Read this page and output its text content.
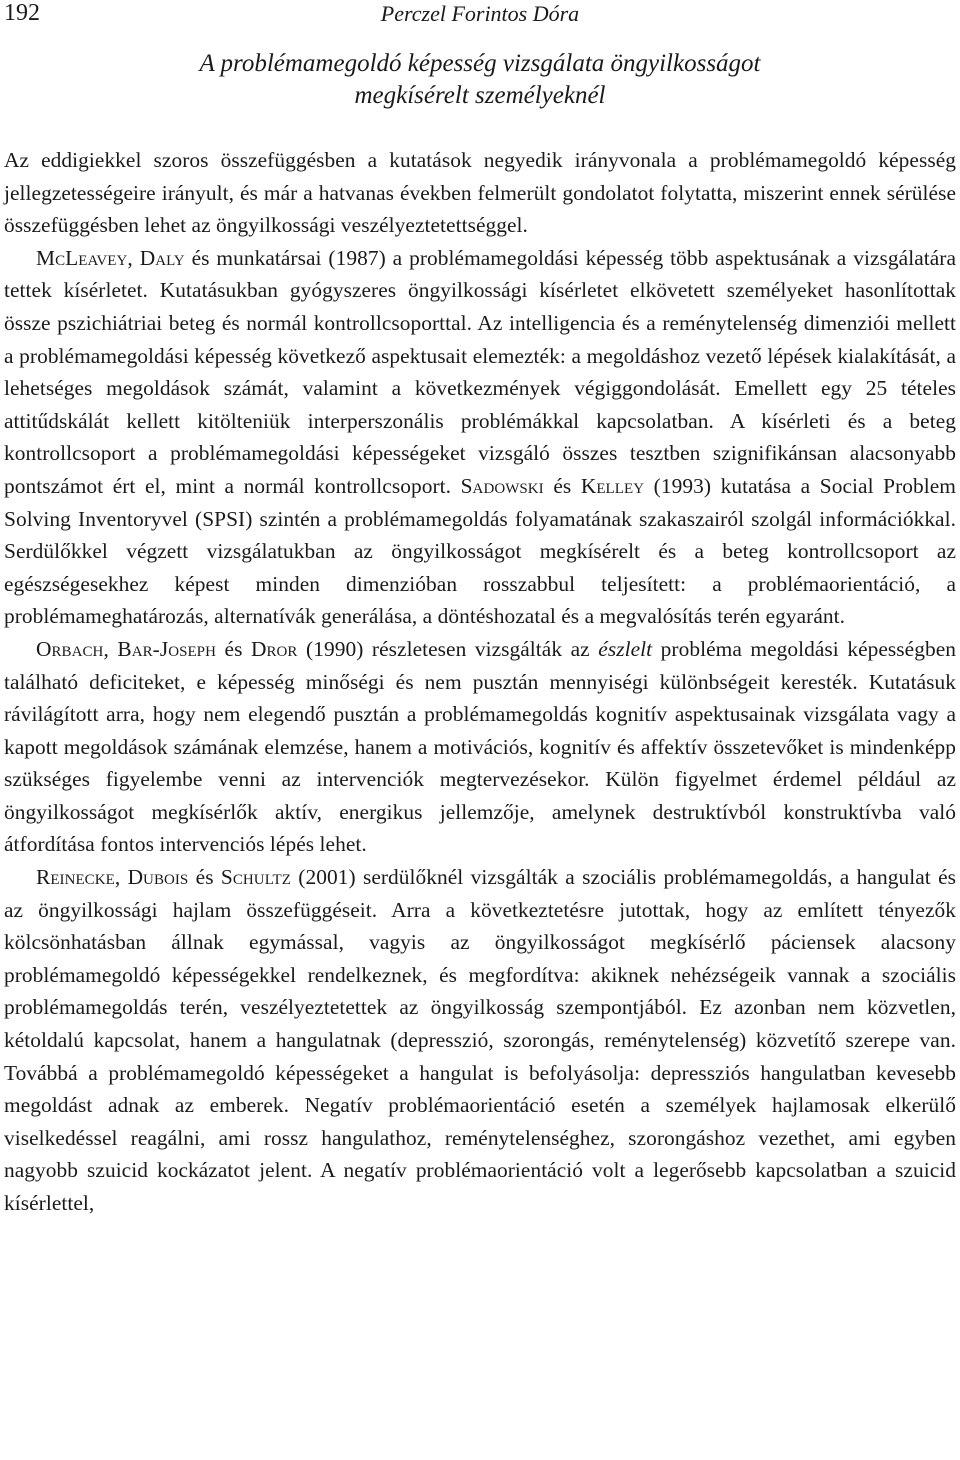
192	Perczel Forintos Dóra
A problémamegoldó képesség vizsgálata öngyilkosságot
megkísérelt személyeknél

Az eddigiekkel szoros összefüggésben a kutatások negyedik irányvonala a problémamegoldó képesség jellegzetességeire irányult, és már a hatvanas években felmerült gondolatot folytatta, miszerint ennek sérülése összefüggésben lehet az öngyilkossági veszélyeztetettséggel.

McLeavey, Daly és munkatársai (1987) a problémamegoldási képesség több aspektusának a vizsgálatára tettek kísérletet. Kutatásukban gyógyszeres öngyilkossági kísérletet elkövetett személyeket hasonlítottak össze pszichiátriai beteg és normál kontrollcsoporttal. Az intelligencia és a reménytelenség dimenziói mellett a problémamegoldási képesség következő aspektusait elemezték: a megoldáshoz vezető lépések kialakítását, a lehetséges megoldások számát, valamint a következmények végiggondolását. Emellett egy 25 tételes attitűdskálát kellett kitölteniük interperszonális problémákkal kapcsolatban. A kísérleti és a beteg kontrollcsoport a problémamegoldási képességeket vizsgáló összes tesztben szignifikánsan alacsonyabb pontszámot ért el, mint a normál kontrollcsoport. Sadowski és Kelley (1993) kutatása a Social Problem Solving Inventoryvel (SPSI) szintén a problémamegoldás folyamatának szakaszairól szolgál információkkal. Serdülőkkel végzett vizsgálatukban az öngyilkosságot megkísérelt és a beteg kontrollcsoport az egészségesekhez képest minden dimenzióban rosszabbul teljesített: a problémaorientáció, a problémameghatározás, alternatívák generálása, a döntéshozatal és a megvalósítás terén egyaránt.

Orbach, Bar-Joseph és Dror (1990) részletesen vizsgálták az észlelt probléma megoldási képességben található deficiteket, e képesség minőségi és nem pusztán mennyiségi különbségeit keresték. Kutatásuk rávilágított arra, hogy nem elegendő pusztán a problémamegoldás kognitív aspektusainak vizsgálata vagy a kapott megoldások számának elemzése, hanem a motivációs, kognitív és affektív összetevőket is mindenképp szükséges figyelembe venni az intervenciók megtervezésekor. Külön figyelmet érdemel például az öngyilkosságot megkísérlők aktív, energikus jellemzője, amelynek destruktívból konstruktívba való átfordítása fontos intervenciós lépés lehet.

Reinecke, Dubois és Schultz (2001) serdülőknél vizsgálták a szociális problémamegoldás, a hangulat és az öngyilkossági hajlam összefüggéseit. Arra a következtetésre jutottak, hogy az említett tényezők kölcsönhatásban állnak egymással, vagyis az öngyilkosságot megkísérlő páciensek alacsony problémamegoldó képességekkel rendelkeznek, és megfordítva: akiknek nehézségeik vannak a szociális problémamegoldás terén, veszélyeztetettek az öngyilkosság szempontjából. Ez azonban nem közvetlen, kétoldalú kapcsolat, hanem a hangulatnak (depresszió, szorongás, reménytelenség) közvetítő szerepe van. Továbbá a problémamegoldó képességeket a hangulat is befolyásolja: depressziós hangulatban kevesebb megoldást adnak az emberek. Negatív problémaorientáció esetén a személyek hajlamosak elkerülő viselkedéssel reagálni, ami rossz hangulathoz, reménytelenséghez, szorongáshoz vezethet, ami egyben nagyobb szuicid kockázatot jelent. A negatív problémaorientáció volt a legerősebb kapcsolatban a szuicid kísérlettel,
